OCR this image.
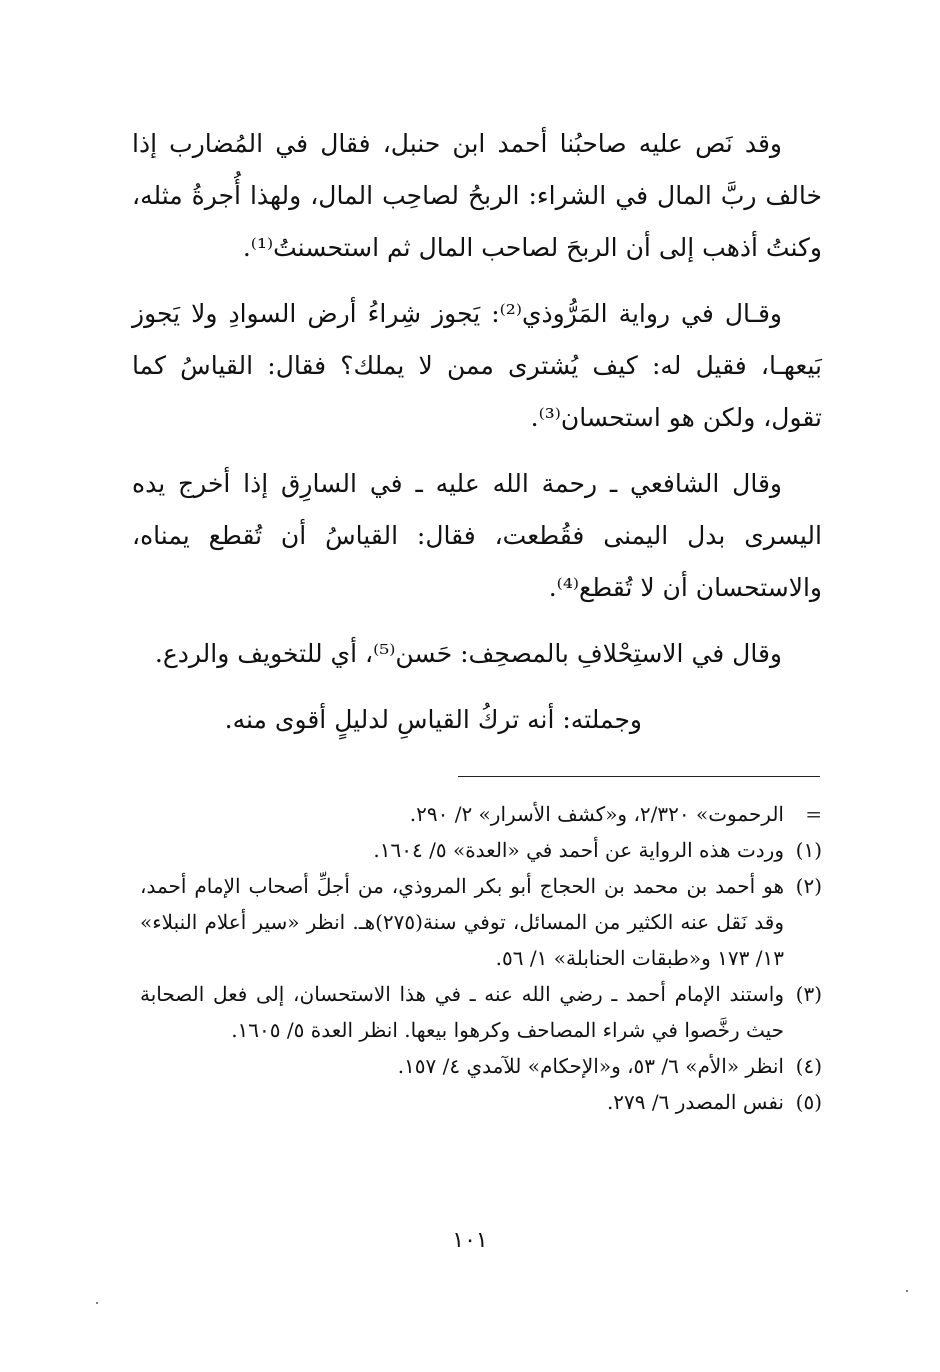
وقد نَص عليه صاحبُنا أحمد ابن حنبل، فقال في المُضارب إذا خالف ربَّ المال في الشراء: الربحُ لصاحِب المال، ولهذا أُجرةُ مثله، وكنتُ أذهب إلى أن الربحَ لصاحب المال ثم استحسنتُ⁽¹⁾.

وقـال في رواية المَرُّوذي⁽²⁾: يَجوز شِراءُ أرض السوادِ ولا يَجوز بَيعهـا، فقيل له: كيف يُشترى ممن لا يملك؟ فقال: القياسُ كما تقول، ولكن هو استحسان⁽³⁾.

وقال الشافعي ـ رحمة الله عليه ـ في السارِق إذا أخرج يده اليسرى بدل اليمنى فقُطعت، فقال: القياسُ أن تُقطع يمناه، والاستحسان أن لا تُقطع⁽⁴⁾.

وقال في الاستِحْلافِ بالمصحِف: حَسن⁽⁵⁾، أي للتخويف والردع.

وجملته: أنه تركُ القياسِ لدليلٍ أقوى منه.

=
الرحموت» ٢/٣٢٠، و«كشف الأسرار» ٢/ ٢٩٠.
(١)
وردت هذه الرواية عن أحمد في «العدة» ٥/ ١٦٠٤.
(٢)
هو أحمد بن محمد بن الحجاج أبو بكر المروذي، من أجلِّ أصحاب الإمام أحمد، وقد نَقل عنه الكثير من المسائل، توفي سنة(٢٧٥)هـ. انظر «سير أعلام النبلاء» ١٣/ ١٧٣ و«طبقات الحنابلة» ١/ ٥٦.
(٣)
واستند الإمام أحمد ـ رضي الله عنه ـ في هذا الاستحسان، إلى فعل الصحابة حيث رخَّصوا في شراء المصاحف وكرهوا بيعها. انظر العدة ٥/ ١٦٠٥.
(٤)
انظر «الأم» ٦/ ٥٣، و«الإحكام» للآمدي ٤/ ١٥٧.
(٥)
نفس المصدر ٦/ ٢٧٩.
١٠١
